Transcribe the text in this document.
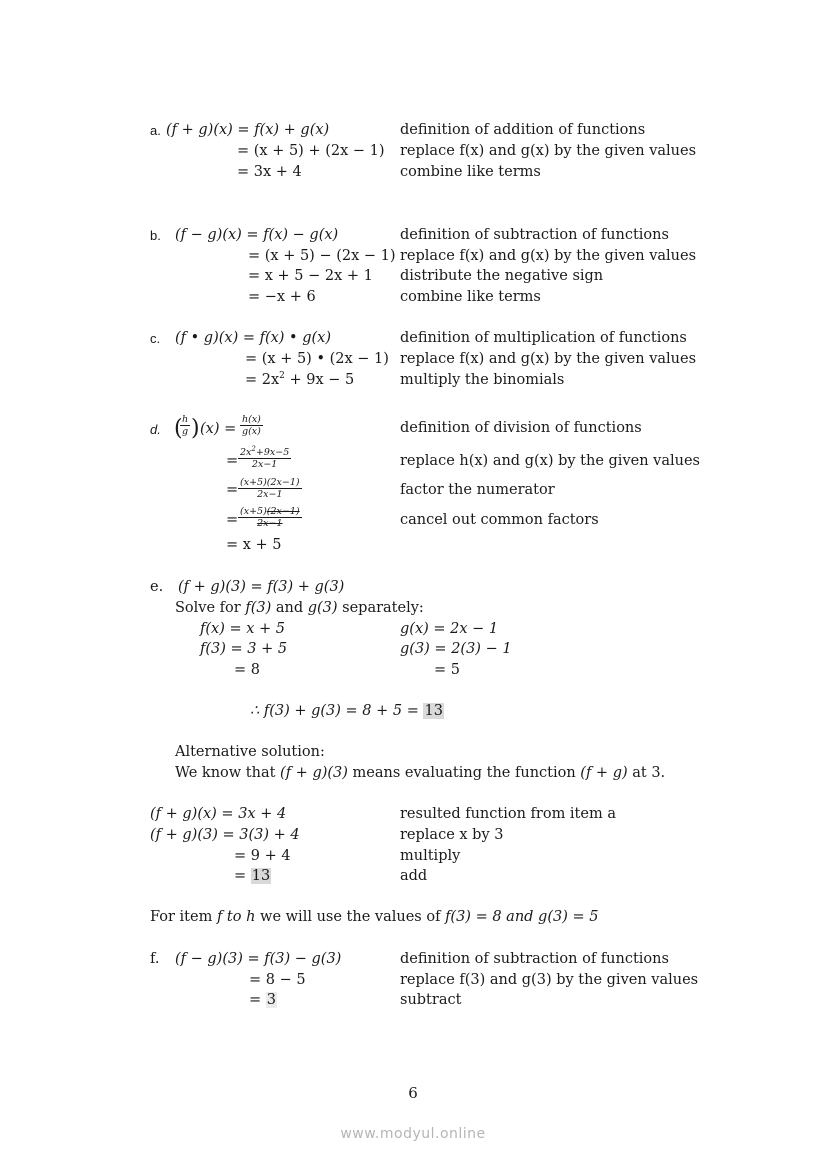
a. (f + g)(x) = f(x) + g(x)	definition of addition of functions
= (x + 5) + (2x − 1) replace f(x) and g(x) by the given values
= 3x + 4	combine like terms
b. (f − g)(x) = f(x) − g(x)	definition of subtraction of functions
= (x + 5) − (2x − 1) replace f(x) and g(x) by the given values
= x + 5 − 2x + 1 distribute the negative sign
= −x + 6	combine like terms
c. (f • g)(x) = f(x) • g(x)	definition of multiplication of functions
= (x + 5) • (2x − 1) replace f(x) and g(x) by the given values
= $2x^2 + 9x - 5$	multiply the binomials
d. (
$\frac{h}{g}$ ) $(x) = \frac{h(x)}{g(x)}$	definition of division of functions
= $\frac{2x^2+9x-5}{2x-1}$	replace h(x) and g(x) by the given values
= $\frac{(x+5)(2x-1)}{2x-1}$	factor the numerator
= $\frac{(x+5)(2x-1)}{2x-1}$	cancel out common factors
= x + 5
e. (f + g)(3) = f(3) + g(3)
Solve for f(3) and g(3) separately:
f(x) = x + 5	g(x) = 2x − 1
f(3) = 3 + 5	g(3) = 2(3) − 1
= 8	= 5
∴ f(3) + g(3) = 8 + 5 = 13
Alternative solution:
We know that (f + g)(3) means evaluating the function (f + g) at 3.
(f + g)(x) = 3x + 4	resulted function from item a
(f + g)(3) = 3(3) + 4	replace x by 3
= 9 + 4	multiply
= 13	add
For item f to h we will use the values of f(3) = 8 and g(3) = 5
f. (f − g)(3) = f(3) − g(3)	definition of subtraction of functions
= 8 − 5	replace f(3) and g(3) by the given values
= 3	subtract
6
www.modyul.online
